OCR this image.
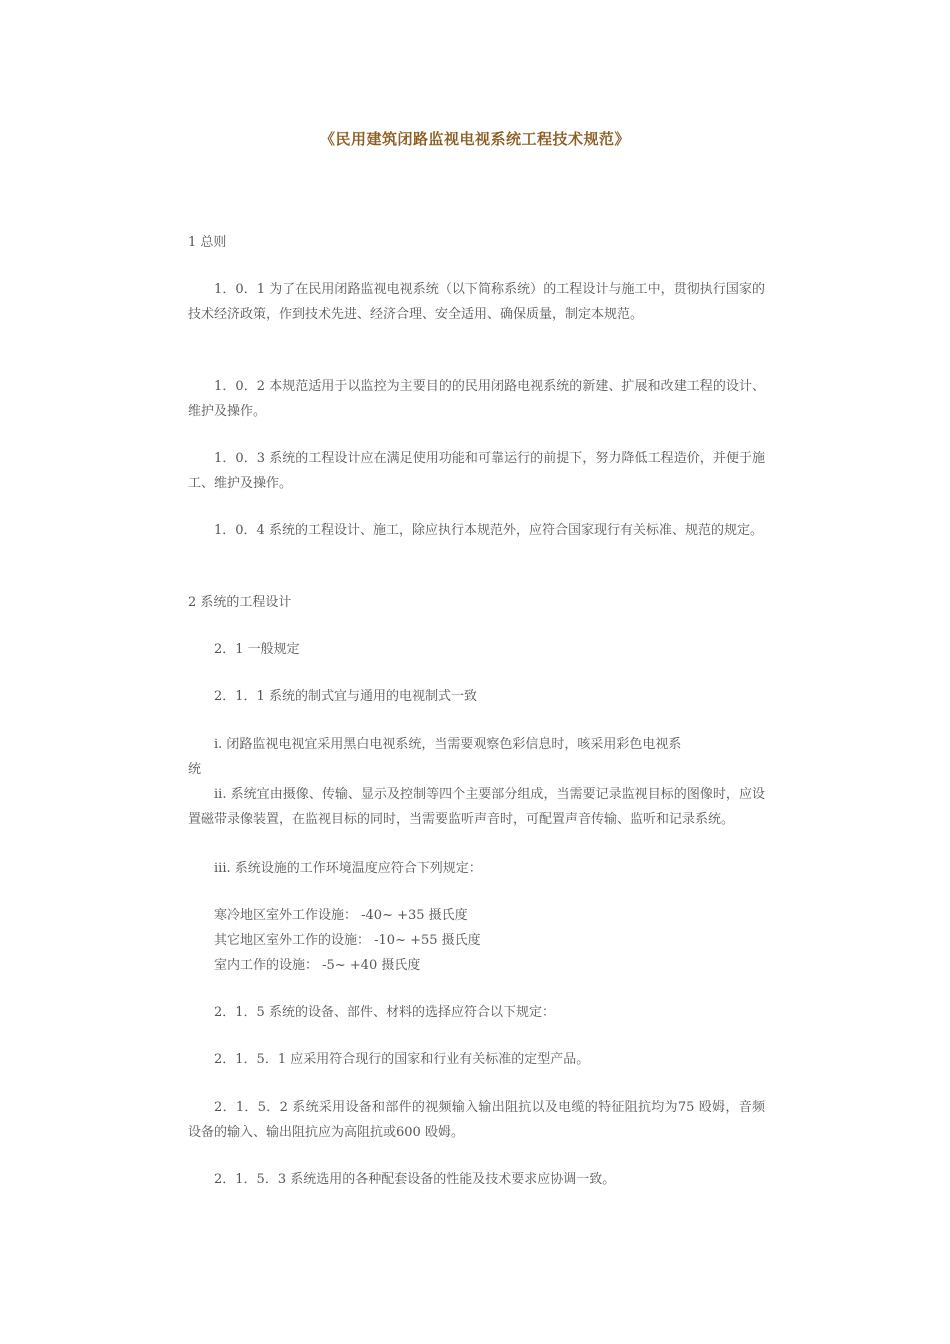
《民用建筑闭路监视电视系统工程技术规范》

1 总则

1．0．1 为了在民用闭路监视电视系统（以下简称系统）的工程设计与施工中，贯彻执行国家的技术经济政策，作到技术先进、经济合理、安全适用、确保质量，制定本规范。

1．0．2 本规范适用于以监控为主要目的的民用闭路电视系统的新建、扩展和改建工程的设计、维护及操作。

1．0．3 系统的工程设计应在满足使用功能和可靠运行的前提下，努力降低工程造价，并便于施工、维护及操作。

1．0．4 系统的工程设计、施工，除应执行本规范外，应符合国家现行有关标准、规范的规定。

2 系统的工程设计

2．1 一般规定

2．1．1 系统的制式宜与通用的电视制式一致

i. 闭路监视电视宜采用黑白电视系统，当需要观察色彩信息时，咳采用彩色电视系

统

ii. 系统宜由摄像、传输、显示及控制等四个主要部分组成，当需要记录监视目标的图像时，应设置磁带录像装置，在监视目标的同时，当需要监听声音时，可配置声音传输、监听和记录系统。

iii. 系统设施的工作环境温度应符合下列规定：

寒冷地区室外工作设施： -40~ +35 摄氏度

其它地区室外工作的设施： -10~ +55 摄氏度

室内工作的设施： -5~ +40 摄氏度

2．1．5 系统的设备、部件、材料的选择应符合以下规定：

2．1．5．1 应采用符合现行的国家和行业有关标准的定型产品。

2．1．5．2 系统采用设备和部件的视频输入输出阻抗以及电缆的特征阻抗均为75 殴姆，音频设备的输入、输出阻抗应为高阻抗或600 殴姆。

2．1．5．3 系统选用的各种配套设备的性能及技术要求应协调一致。
